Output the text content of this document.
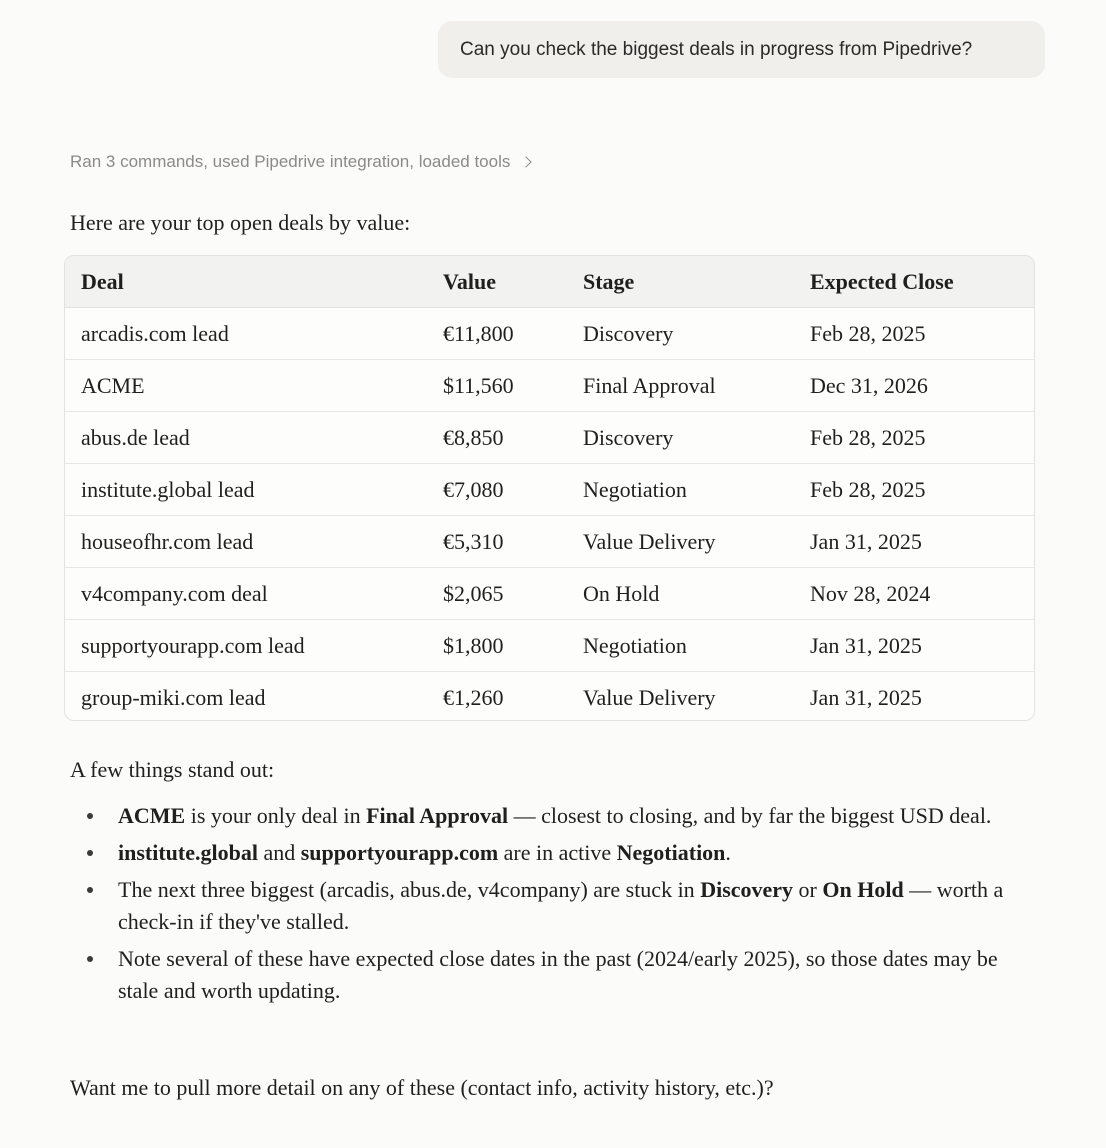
Can you check the biggest deals in progress from Pipedrive?
Ran 3 commands, used Pipedrive integration, loaded tools
Here are your top open deals by value:
Deal	Value	Stage	Expected Close
arcadis.com lead	€11,800	Discovery	Feb 28, 2025
ACME	$11,560	Final Approval	Dec 31, 2026
abus.de lead	€8,850	Discovery	Feb 28, 2025
institute.global lead	€7,080	Negotiation	Feb 28, 2025
houseofhr.com lead	€5,310	Value Delivery	Jan 31, 2025
v4company.com deal	$2,065	On Hold	Nov 28, 2024
supportyourapp.com lead	$1,800	Negotiation	Jan 31, 2025
group-miki.com lead	€1,260	Value Delivery	Jan 31, 2025
A few things stand out:
ACME is your only deal in Final Approval — closest to closing, and by far the biggest USD deal.
institute.global and supportyourapp.com are in active Negotiation.
The next three biggest (arcadis, abus.de, v4company) are stuck in Discovery or On Hold — worth a check-in if they've stalled.
Note several of these have expected close dates in the past (2024/early 2025), so those dates may be stale and worth updating.
Want me to pull more detail on any of these (contact info, activity history, etc.)?
